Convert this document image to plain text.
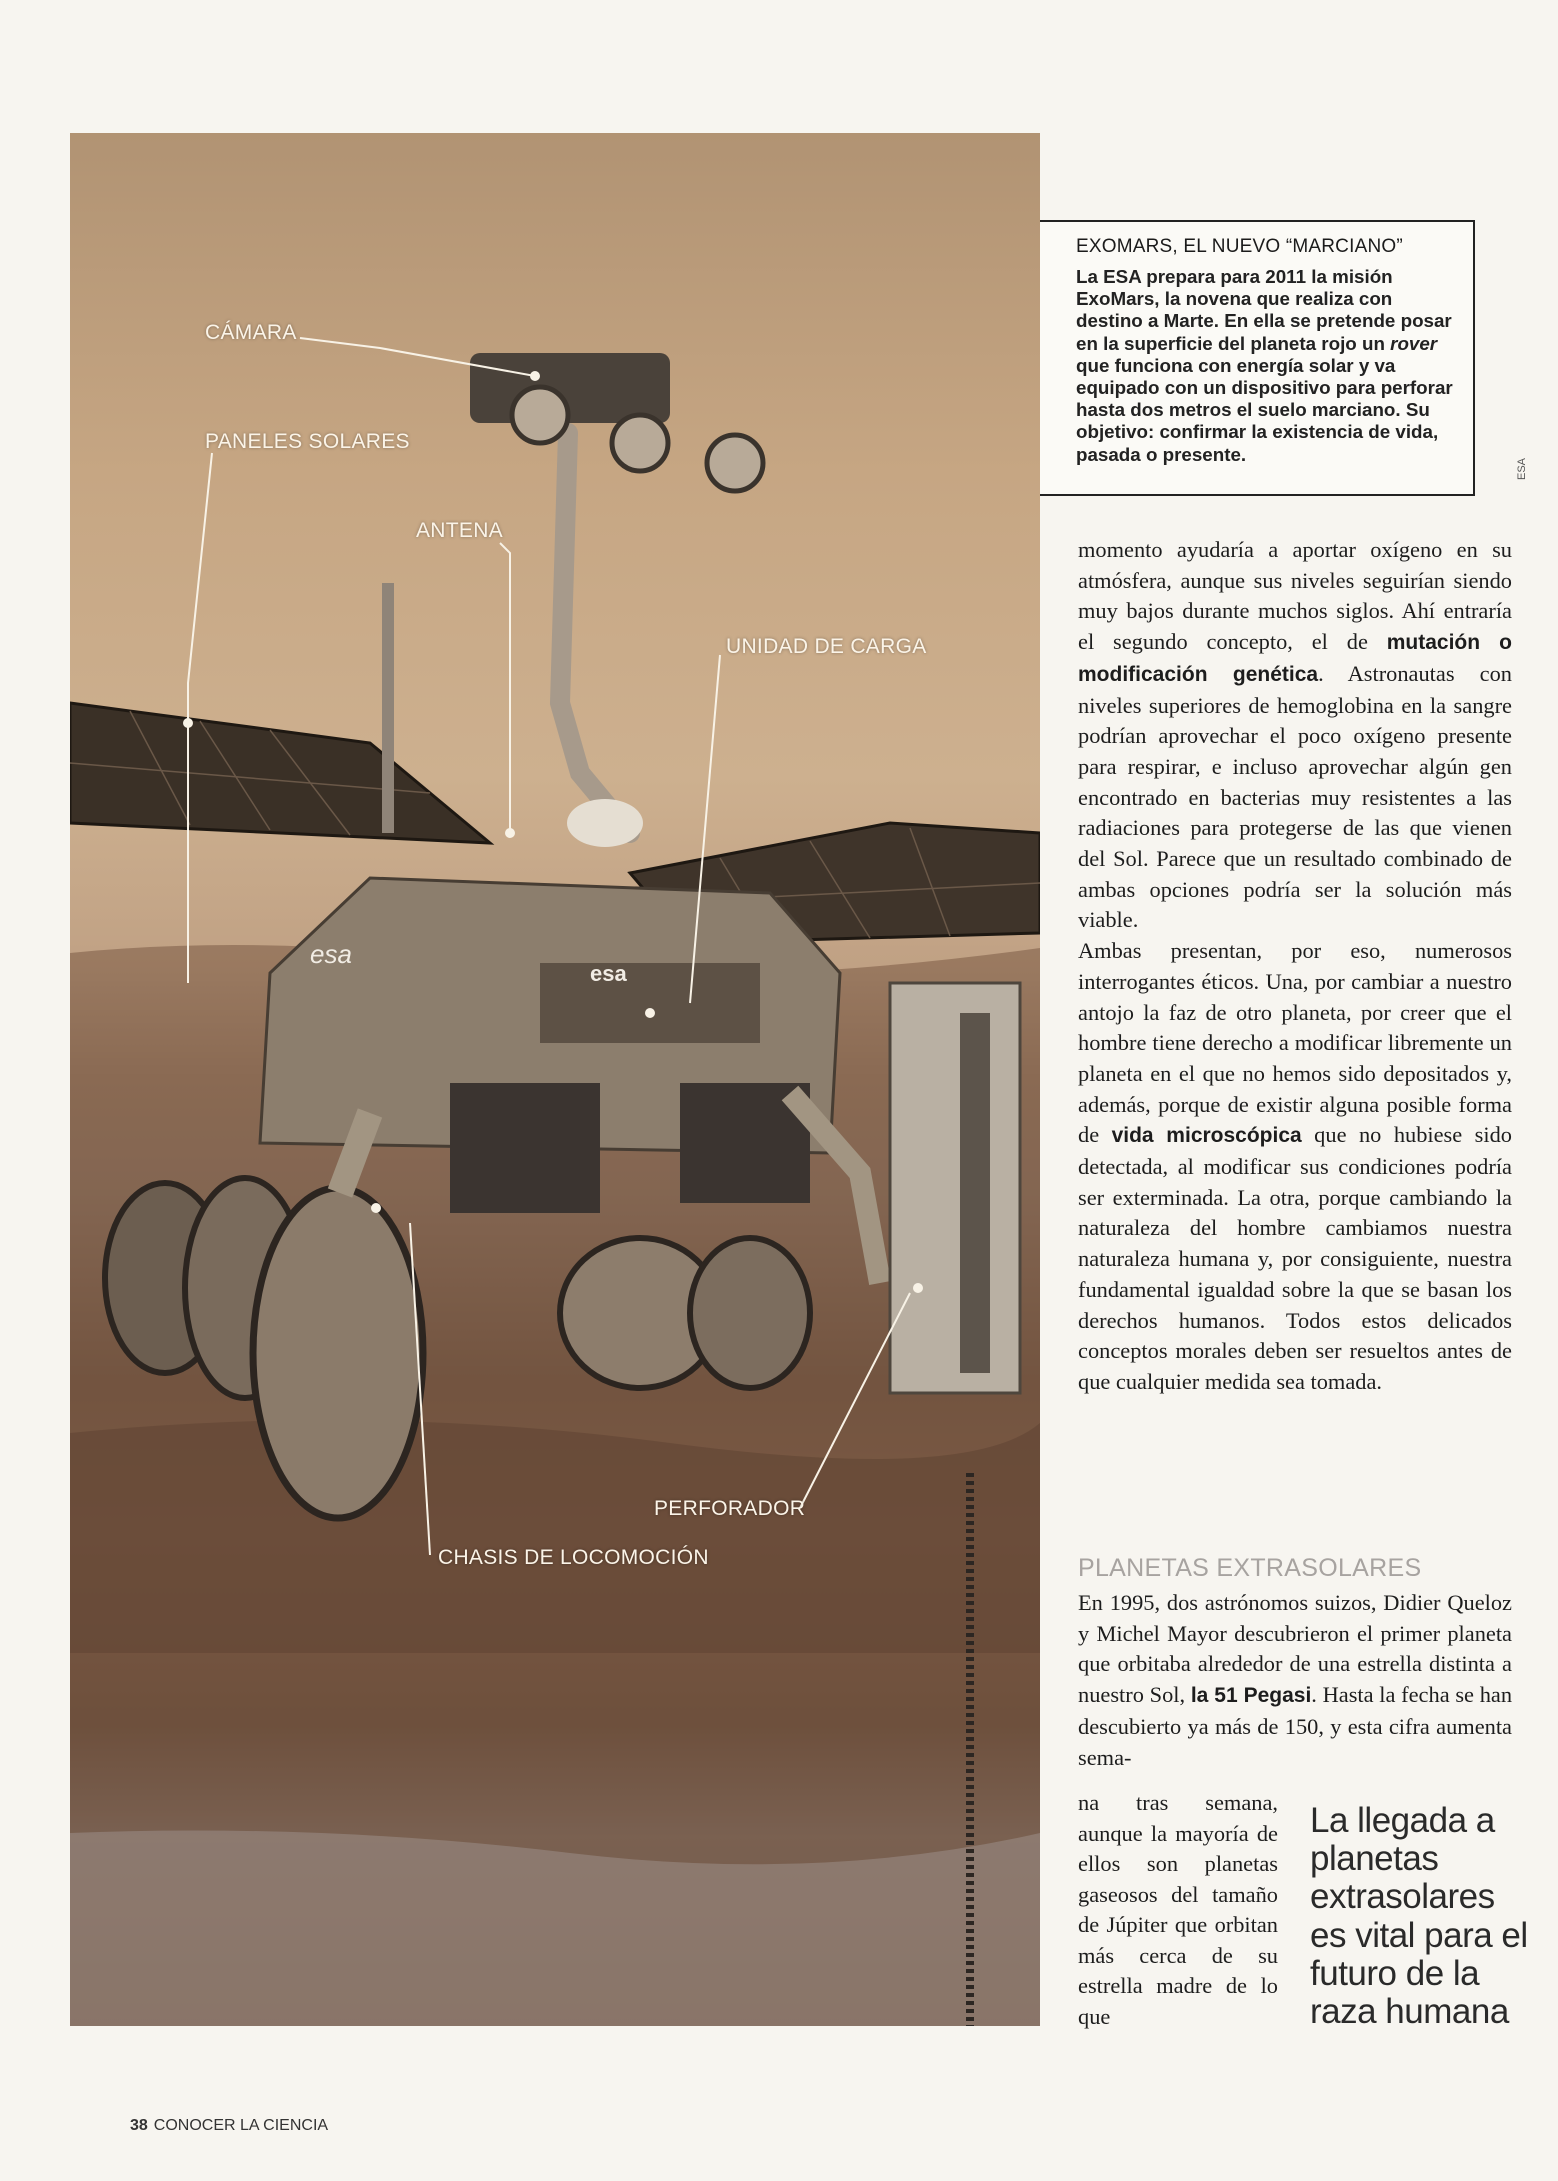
esa
esa
CÁMARA
PANELES SOLARES
ANTENA
UNIDAD DE CARGA
PERFORADOR
CHASIS DE LOCOMOCIÓN
EXOMARS, EL NUEVO “MARCIANO”

La ESA prepara para 2011 la misión ExoMars, la novena que realiza con destino a Marte. En ella se pretende posar en la superficie del planeta rojo un rover que funciona con energía solar y va equipado con un dispositivo para perforar hasta dos metros el suelo marciano. Su objetivo: confirmar la existencia de vida, pasada o presente.

ESA

momento ayudaría a aportar oxígeno en su atmósfera, aunque sus niveles seguirían siendo muy bajos durante muchos siglos. Ahí entraría el segundo concepto, el de mutación o modificación genética. Astronautas con niveles superiores de hemoglobina en la sangre podrían aprovechar el poco oxígeno presente para respirar, e incluso aprovechar algún gen encontrado en bacterias muy resistentes a las radiaciones para protegerse de las que vienen del Sol. Parece que un resultado combinado de ambas opciones podría ser la solución más viable.

Ambas presentan, por eso, numerosos interrogantes éticos. Una, por cambiar a nuestro antojo la faz de otro planeta, por creer que el hombre tiene derecho a modificar libremente un planeta en el que no hemos sido depositados y, además, porque de existir alguna posible forma de vida microscópica que no hubiese sido detectada, al modificar sus condiciones podría ser exterminada. La otra, porque cambiando la naturaleza del hombre cambiamos nuestra naturaleza humana y, por consiguiente, nuestra fundamental igualdad sobre la que se basan los derechos humanos. Todos estos delicados conceptos morales deben ser resueltos antes de que cualquier medida sea tomada.

PLANETAS EXTRASOLARES

En 1995, dos astrónomos suizos, Didier Queloz y Michel Mayor descubrieron el primer planeta que orbitaba alrededor de una estrella distinta a nuestro Sol, la 51 Pegasi. Hasta la fecha se han descubierto ya más de 150, y esta cifra aumenta sema-

na tras semana, aunque la mayoría de ellos son planetas gaseosos del tamaño de Júpiter que orbitan más cerca de su estrella madre de lo que
La llegada a planetas extrasolares es vital para el futuro de la raza humana
38 CONOCER LA CIENCIA
